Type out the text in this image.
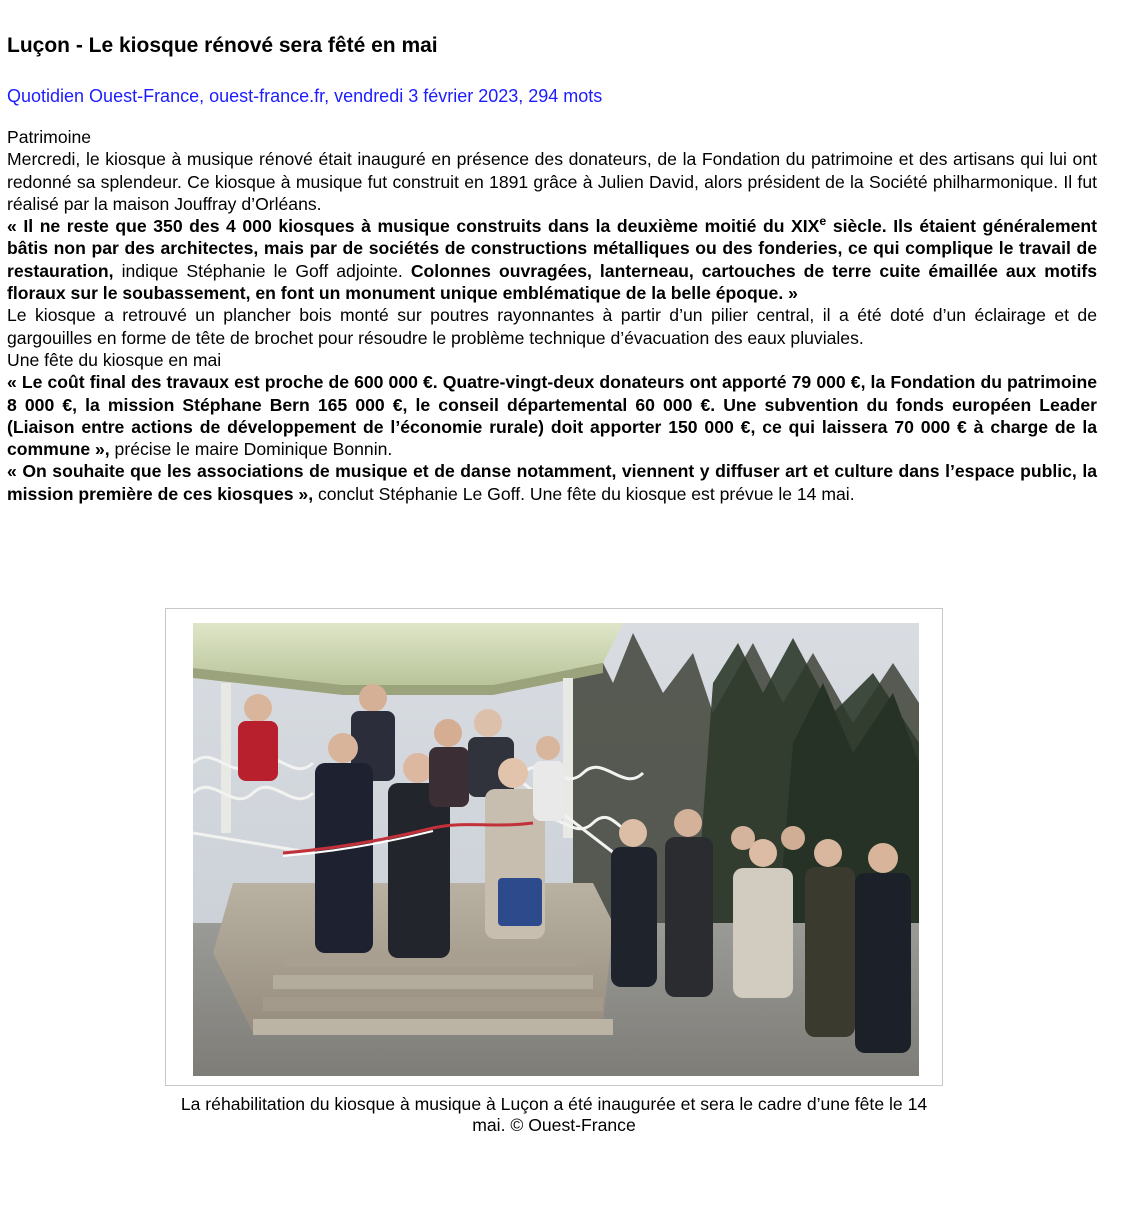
Luçon - Le kiosque rénové sera fêté en mai
Quotidien Ouest-France, ouest-france.fr, vendredi 3 février 2023, 294 mots

Patrimoine

Mercredi, le kiosque à musique rénové était inauguré en présence des donateurs, de la Fondation du patrimoine et des artisans qui lui ont redonné sa splendeur. Ce kiosque à musique fut construit en 1891 grâce à Julien David, alors président de la Société philharmonique. Il fut réalisé par la maison Jouffray d’Orléans.

« Il ne reste que 350 des 4 000 kiosques à musique construits dans la deuxième moitié du XIXe siècle. Ils étaient généralement bâtis non par des architectes, mais par de sociétés de constructions métalliques ou des fonderies, ce qui complique le travail de restauration, indique Stéphanie le Goff adjointe. Colonnes ouvragées, lanterneau, cartouches de terre cuite émaillée aux motifs floraux sur le soubassement, en font un monument unique emblématique de la belle époque. »

Le kiosque a retrouvé un plancher bois monté sur poutres rayonnantes à partir d’un pilier central, il a été doté d’un éclairage et de gargouilles en forme de tête de brochet pour résoudre le problème technique d’évacuation des eaux pluviales.

Une fête du kiosque en mai

« Le coût final des travaux est proche de 600 000 €. Quatre-vingt-deux donateurs ont apporté 79 000 €, la Fondation du patrimoine 8 000 €, la mission Stéphane Bern 165 000 €, le conseil départemental 60 000 €. Une subvention du fonds européen Leader (Liaison entre actions de développement de l’économie rurale) doit apporter 150 000 €, ce qui laissera 70 000 € à charge de la commune », précise le maire Dominique Bonnin.

« On souhaite que les associations de musique et de danse notamment, viennent y diffuser art et culture dans l’espace public, la mission première de ces kiosques », conclut Stéphanie Le Goff. Une fête du kiosque est prévue le 14 mai.

La réhabilitation du kiosque à musique à Luçon a été inaugurée et sera le cadre d’une fête le 14 mai. © Ouest-France
